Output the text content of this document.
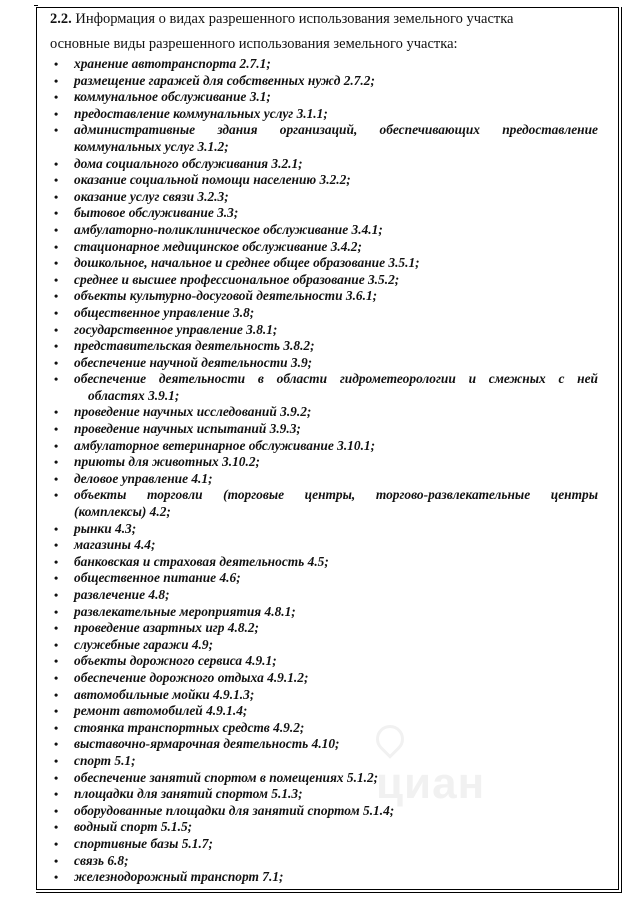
циан

2.2. Информация о видах разрешенного использования земельного участка

основные виды разрешенного использования земельного участка:

• хранение автотранспорта 2.7.1;
• размещение гаражей для собственных нужд 2.7.2;
• коммунальное обслуживание 3.1;
• предоставление коммунальных услуг 3.1.1;
• административные здания организаций, обеспечивающих предоставление
коммунальных услуг 3.1.2;
• дома социального обслуживания 3.2.1;
• оказание социальной помощи населению 3.2.2;
• оказание услуг связи 3.2.3;
• бытовое обслуживание 3.3;
• амбулаторно-поликлиническое обслуживание 3.4.1;
• стационарное медицинское обслуживание 3.4.2;
• дошкольное, начальное и среднее общее образование 3.5.1;
• среднее и высшее профессиональное образование 3.5.2;
• объекты культурно-досуговой деятельности 3.6.1;
• общественное управление 3.8;
• государственное управление 3.8.1;
• представительская деятельность 3.8.2;
• обеспечение научной деятельности 3.9;
• обеспечение деятельности в области гидрометеорологии и смежных с ней
областях 3.9.1;
• проведение научных исследований 3.9.2;
• проведение научных испытаний 3.9.3;
• амбулаторное ветеринарное обслуживание 3.10.1;
• приюты для животных 3.10.2;
• деловое управление 4.1;
• объекты торговли (торговые центры, торгово-развлекательные центры
(комплексы) 4.2;
• рынки 4.3;
• магазины 4.4;
• банковская и страховая деятельность 4.5;
• общественное питание 4.6;
• развлечение 4.8;
• развлекательные мероприятия 4.8.1;
• проведение азартных игр 4.8.2;
• служебные гаражи 4.9;
• объекты дорожного сервиса 4.9.1;
• обеспечение дорожного отдыха 4.9.1.2;
• автомобильные мойки 4.9.1.3;
• ремонт автомобилей 4.9.1.4;
• стоянка транспортных средств 4.9.2;
• выставочно-ярмарочная деятельность 4.10;
• спорт 5.1;
• обеспечение занятий спортом в помещениях 5.1.2;
• площадки для занятий спортом 5.1.3;
• оборудованные площадки для занятий спортом 5.1.4;
• водный спорт 5.1.5;
• спортивные базы 5.1.7;
• связь 6.8;
• железнодорожный транспорт 7.1;
